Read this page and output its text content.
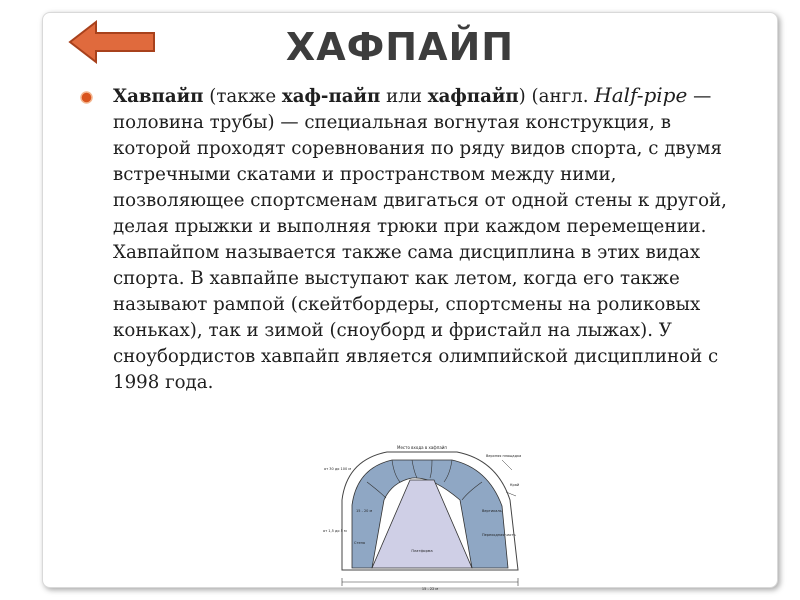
ХАФПАЙП
Хавпайп (также хаф-пайп или хафпайп) (англ. Half-pipe — половина трубы) — специальная вогнутая конструкция, в которой проходят соревнования по ряду видов спорта, с двумя встречными скатами и пространством между ними, позволяющее спортсменам двигаться от одной стены к другой, делая прыжки и выполняя трюки при каждом перемещении. Хавпайпом называется также сама дисциплина в этих видах спорта. В хавпайпе выступают как летом, когда его также называют рампой (скейтбордеры, спортсмены на роликовых коньках), так и зимой (сноуборд и фристайл на лыжах). У сноубордистов хавпайп является олимпийской дисциплиной с 1998 года.
Место входа в хафпайп
от 30 до 100 м
Верхняя площадка
Край
Вертикаль
Переходная часть
15 - 20 м
от 1,5 до 5 м
Стена
Платформа
15 - 22 м
